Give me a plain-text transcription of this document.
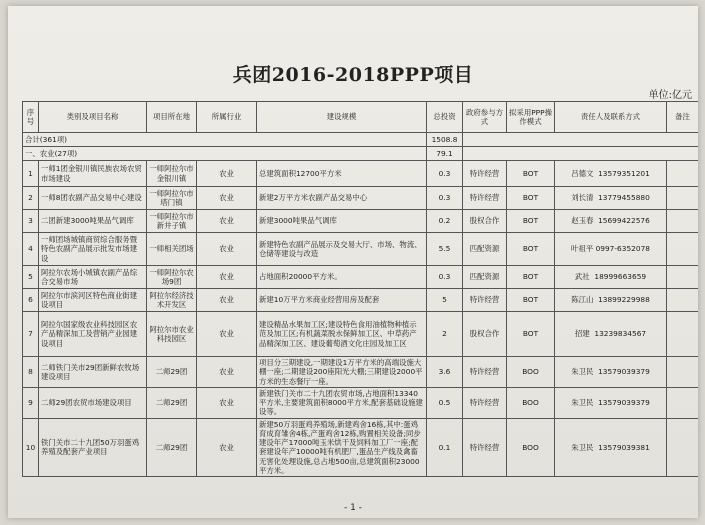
兵团2016-2018PPP项目
单位:亿元
序号	类别及项目名称	项目所在地	所属行业	建设规模	总投资	政府参与方式	拟采用PPP操作模式	责任人及联系方式	备注
合计(361项)					1508.8				
一、农业(27项)					79.1				
1	一师1团金银川镇民族农场农贸市场建设	一师阿拉尔市金银川镇	农业	总建筑面积12700平方米	0.3	特许经营	BOT	吕德文 13579351201	
2	一师8团农副产品交易中心建设	一师阿拉尔市塔门镇	农业	新建2万平方米农副产品交易中心	0.3	特许经营	BOT	刘长清 13779455880	
3	二团新建3000吨果品气调库	一师阿拉尔市新井子镇	农业	新建3000吨果品气调库	0.2	股权合作	BOT	赵玉春 15699422576	
4	一师团场城镇商贸综合服务暨特色农副产品展示批发市场建设	一师相关团场	农业	新建特色农副产品展示及交易大厅、市场、物流、仓储等建设与改造	5.5	匹配资源	BOT	叶祖平 0997-6352078	
5	阿拉尔农场小城镇农副产品综合交易市场	一师阿拉尔农场9团	农业	占地面积20000平方米。	0.3	匹配资源	BOT	武社 18999663659	
6	阿拉尔市滨河区特色商业街建设项目	阿拉尔经济技术开发区	农业	新建10万平方米商业经营用房及配套	5	特许经营	BOT	陈江山 13899229988	
7	阿拉尔国家级农业科技园区农产品精深加工及营销产业园建设项目	阿拉尔市农业科技园区	农业	建设精品水果加工区;建设特色食用油植物种植示范及加工区;有机蔬菜脱水保鲜加工区、中草药产品精深加工区、建设葡萄酒文化庄园及加工区	2	股权合作	BOT	招建 13239834567	
8	二师铁门关市29团新鲜农牧场建设项目	二师29团	农业	项目分三期建设,一期建设1万平方米的高端设施大棚一座;二期建设200座阳光大棚;三期建设2000平方米的生态餐厅一座。	3.6	特许经营	BOO	朱卫民 13579039379	
9	二师29团农贸市场建设项目	二师29团	农业	新建铁门关市二十九团农贸市场,占地面积13340平方米,主要建筑面积8000平方米,配套基础设施建设等。	0.5	特许经营	BOO	朱卫民 13579039379	
10	铁门关市二十九团50万羽蛋鸡养殖及配套产业项目	二师29团	农业	新建50万羽蛋鸡养殖场,新建鸡舍16栋,其中:蛋鸡育成育雏舍4栋,产蛋鸡舍12栋,购置相关设备;同步建设年产17000吨玉米烘干及饲料加工厂一座;配套建设年产10000吨有机肥厂,蛋品生产线及禽畜无害化处理设施,总占地500亩,总建筑面积23000平方米。	0.1	特许经营	BOO	朱卫民 13579039381	
- 1 -
